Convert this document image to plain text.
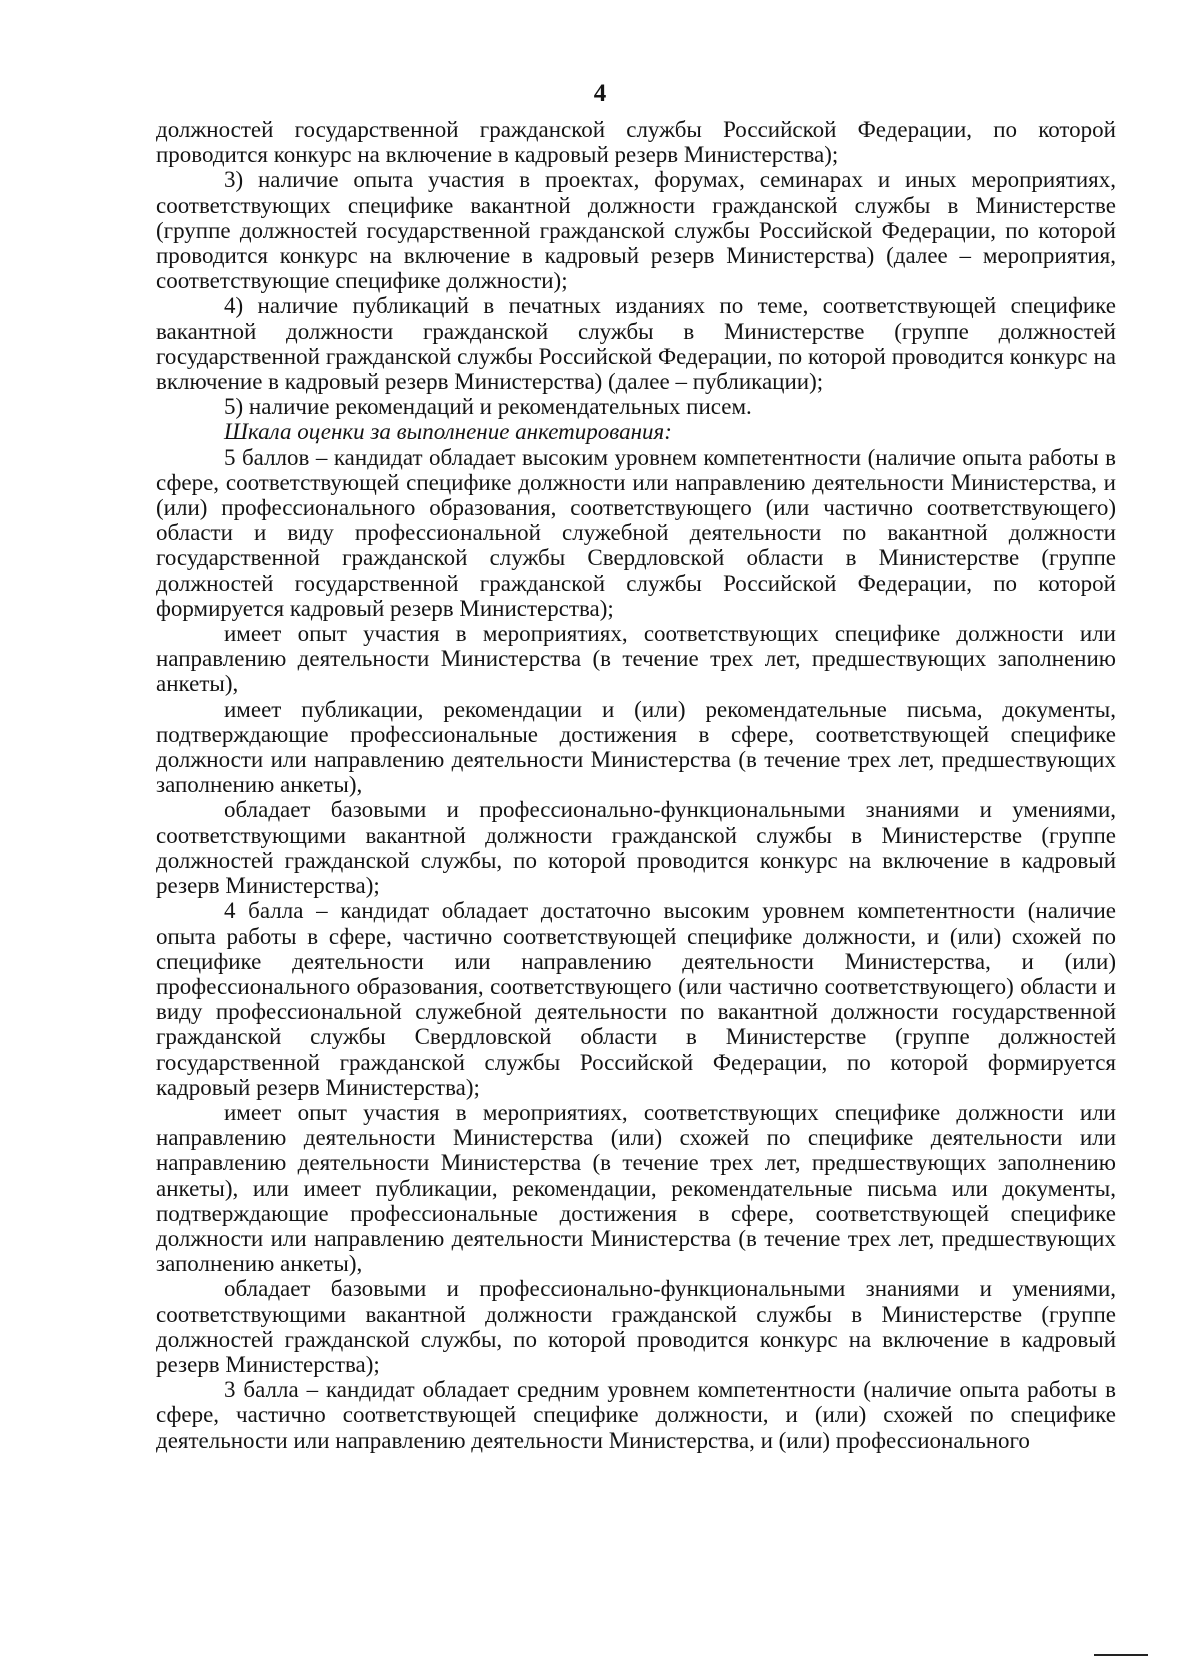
4

должностей государственной гражданской службы Российской Федерации, по которой проводится конкурс на включение в кадровый резерв Министерства);

3) наличие опыта участия в проектах, форумах, семинарах и иных мероприятиях, соответствующих специфике вакантной должности гражданской службы в Министерстве (группе должностей государственной гражданской службы Российской Федерации, по которой проводится конкурс на включение в кадровый резерв Министерства) (далее – мероприятия, соответствующие специфике должности);

4) наличие публикаций в печатных изданиях по теме, соответствующей специфике вакантной должности гражданской службы в Министерстве (группе должностей государственной гражданской службы Российской Федерации, по которой проводится конкурс на включение в кадровый резерв Министерства) (далее – публикации);

5) наличие рекомендаций и рекомендательных писем.

Шкала оценки за выполнение анкетирования:

5 баллов – кандидат обладает высоким уровнем компетентности (наличие опыта работы в сфере, соответствующей специфике должности или направлению деятельности Министерства, и (или) профессионального образования, соответствующего (или частично соответствующего) области и виду профессиональной служебной деятельности по вакантной должности государственной гражданской службы Свердловской области в Министерстве (группе должностей государственной гражданской службы Российской Федерации, по которой формируется кадровый резерв Министерства);

имеет опыт участия в мероприятиях, соответствующих специфике должности или направлению деятельности Министерства (в течение трех лет, предшествующих заполнению анкеты),

имеет публикации, рекомендации и (или) рекомендательные письма, документы, подтверждающие профессиональные достижения в сфере, соответствующей специфике должности или направлению деятельности Министерства (в течение трех лет, предшествующих заполнению анкеты),

обладает базовыми и профессионально-функциональными знаниями и умениями, соответствующими вакантной должности гражданской службы в Министерстве (группе должностей гражданской службы, по которой проводится конкурс на включение в кадровый резерв Министерства);

4 балла – кандидат обладает достаточно высоким уровнем компетентности (наличие опыта работы в сфере, частично соответствующей специфике должности, и (или) схожей по специфике деятельности или направлению деятельности Министерства, и (или) профессионального образования, соответствующего (или частично соответствующего) области и виду профессиональной служебной деятельности по вакантной должности государственной гражданской службы Свердловской области в Министерстве (группе должностей государственной гражданской службы Российской Федерации, по которой формируется кадровый резерв Министерства);

имеет опыт участия в мероприятиях, соответствующих специфике должности или направлению деятельности Министерства (или) схожей по специфике деятельности или направлению деятельности Министерства (в течение трех лет, предшествующих заполнению анкеты), или имеет публикации, рекомендации, рекомендательные письма или документы, подтверждающие профессиональные достижения в сфере, соответствующей специфике должности или направлению деятельности Министерства (в течение трех лет, предшествующих заполнению анкеты),

обладает базовыми и профессионально-функциональными знаниями и умениями, соответствующими вакантной должности гражданской службы в Министерстве (группе должностей гражданской службы, по которой проводится конкурс на включение в кадровый резерв Министерства);

3 балла – кандидат обладает средним уровнем компетентности (наличие опыта работы в сфере, частично соответствующей специфике должности, и (или) схожей по специфике деятельности или направлению деятельности Министерства, и (или) профессионального
